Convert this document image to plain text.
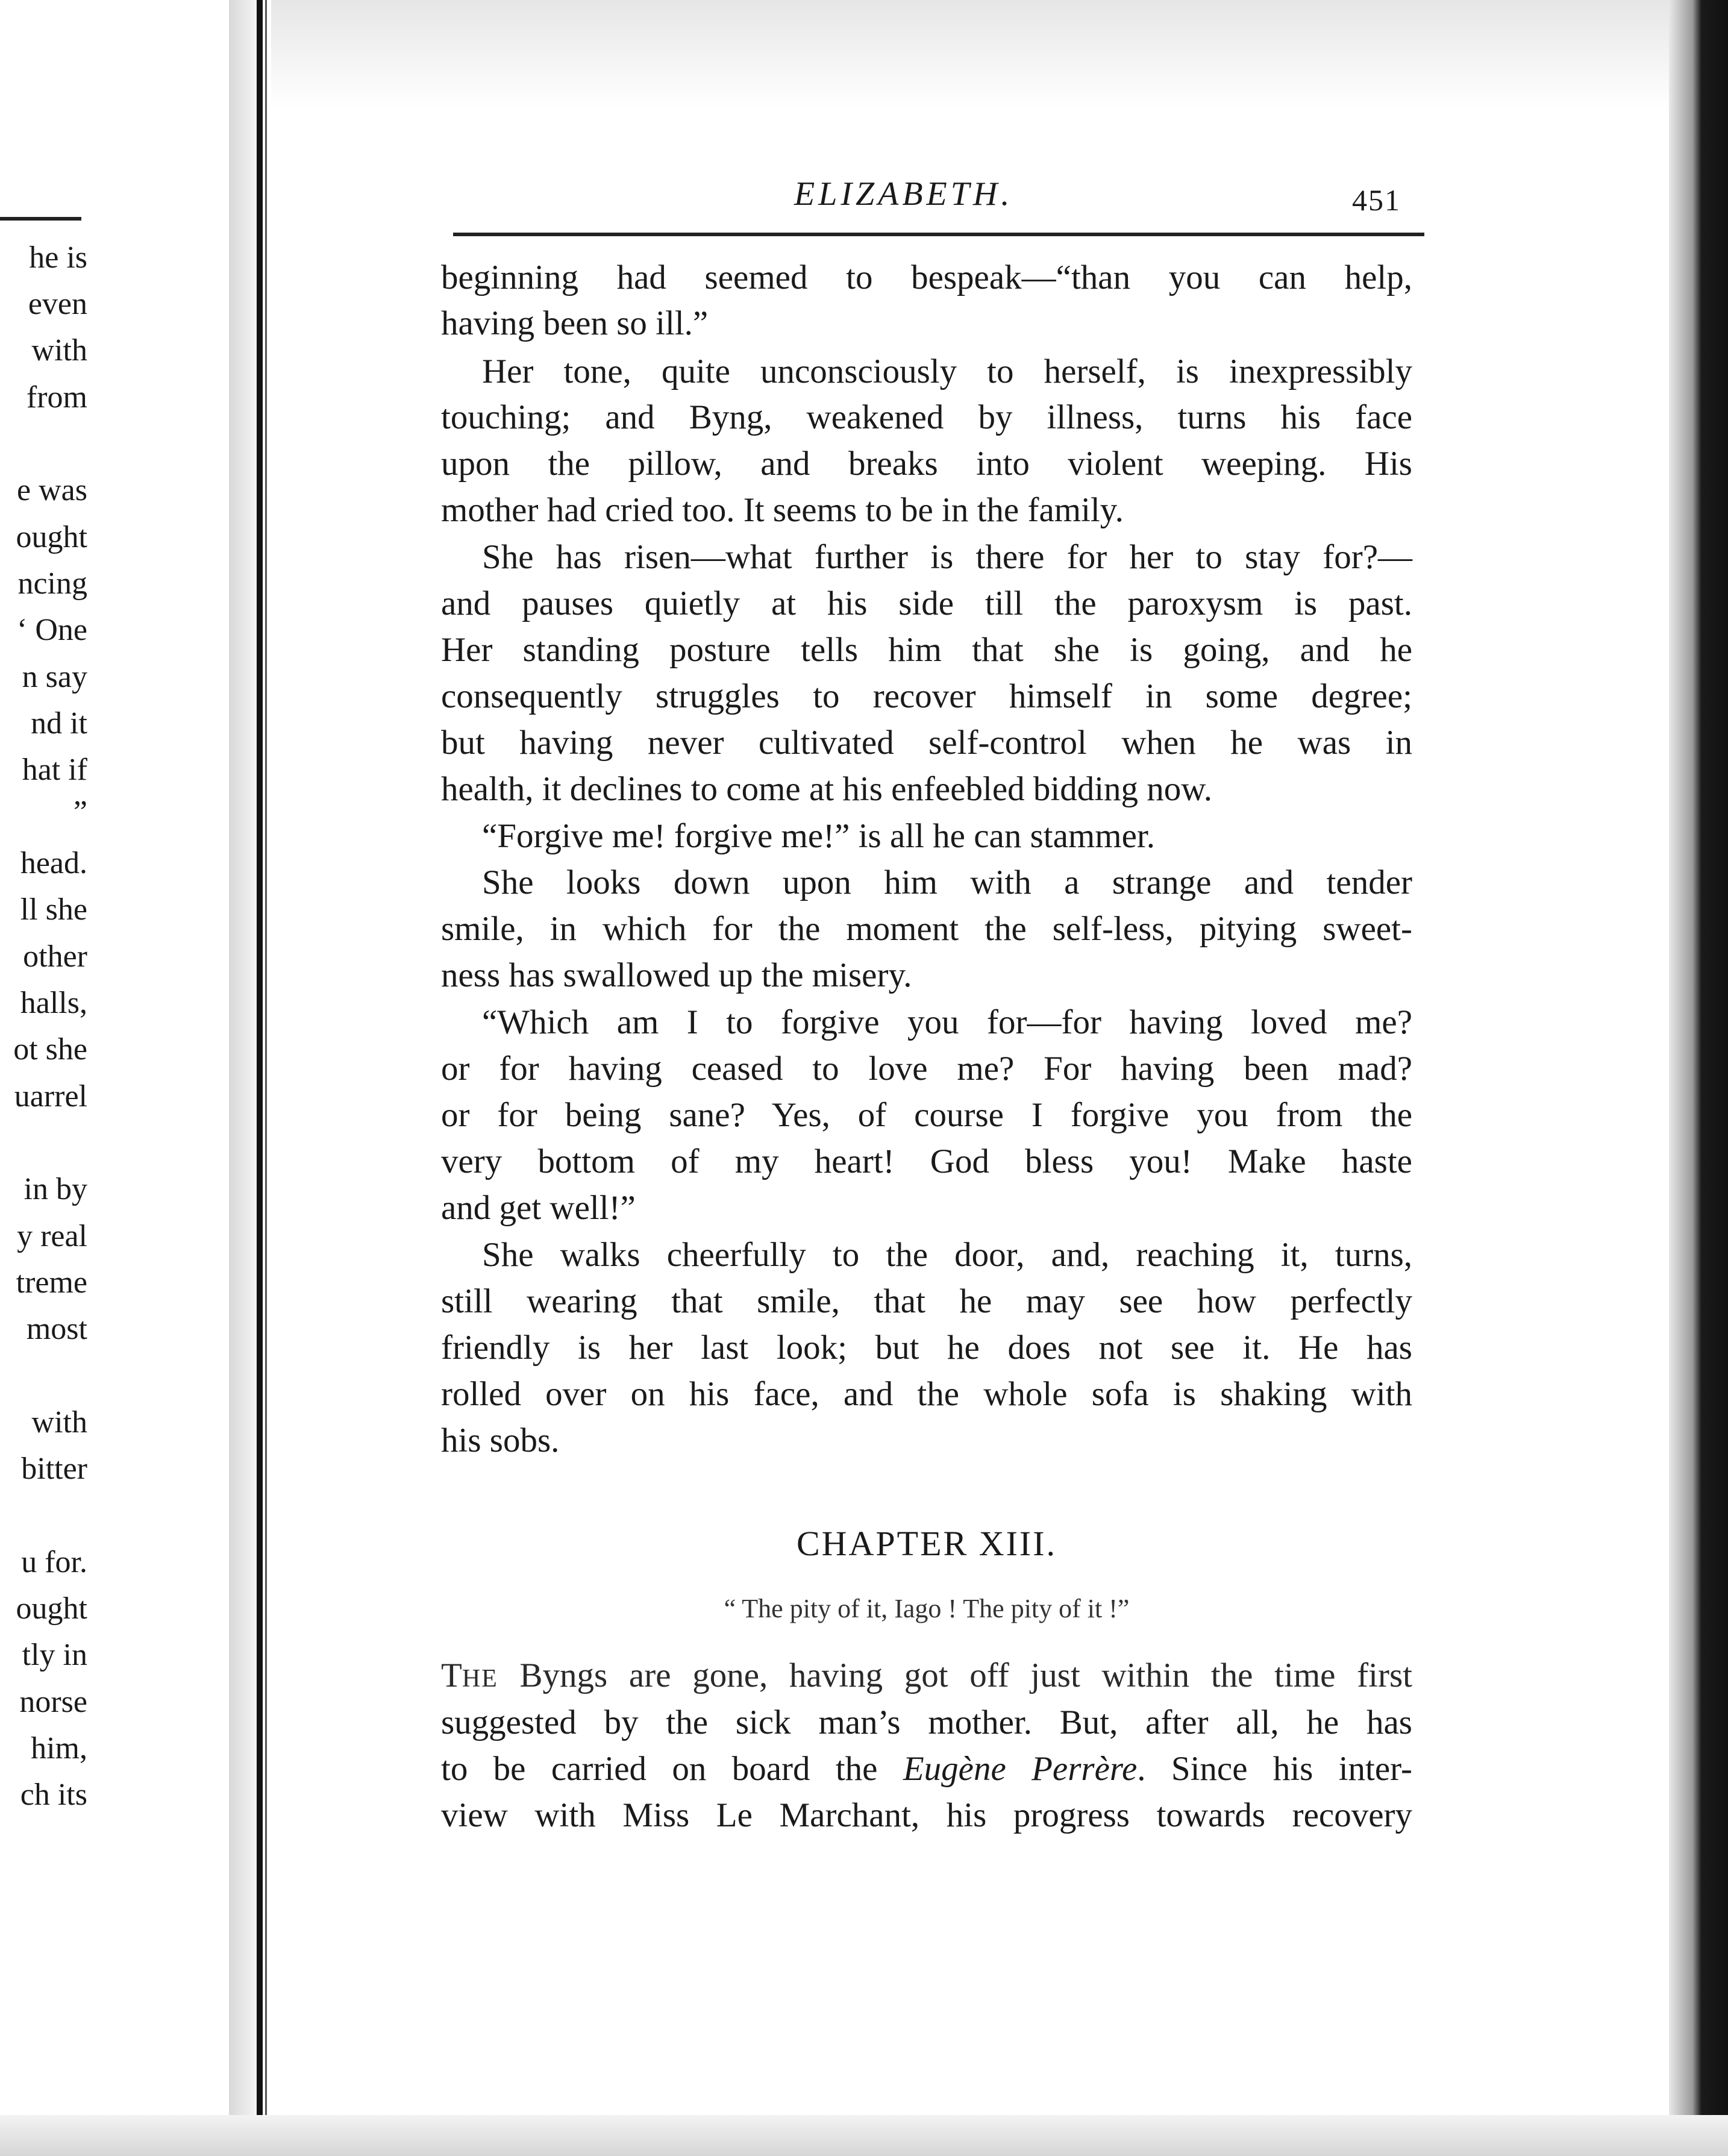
he is
even
with
from
e was
ought
ncing
‘ One
n say
nd it
hat if
”
head.
ll she
other
halls,
ot she
uarrel
in by
y real
treme
most
with
bitter
u for.
ought
tly in
norse
him,
ch its
ELIZABETH.	451
beginning had seemed to bespeak—“than you can help,
having been so ill.”
Her tone, quite unconsciously to herself, is inexpressibly
touching; and Byng, weakened by illness, turns his face
upon the pillow, and breaks into violent weeping. His
mother had cried too. It seems to be in the family.
She has risen—what further is there for her to stay for?—
and pauses quietly at his side till the paroxysm is past.
Her standing posture tells him that she is going, and he
consequently struggles to recover himself in some degree;
but having never cultivated self-control when he was in
health, it declines to come at his enfeebled bidding now.
“Forgive me! forgive me!” is all he can stammer.
She looks down upon him with a strange and tender
smile, in which for the moment the self-less, pitying sweet-
ness has swallowed up the misery.
“Which am I to forgive you for—for having loved me?
or for having ceased to love me? For having been mad?
or for being sane? Yes, of course I forgive you from the
very bottom of my heart! God bless you! Make haste
and get well!”
She walks cheerfully to the door, and, reaching it, turns,
still wearing that smile, that he may see how perfectly
friendly is her last look; but he does not see it. He has
rolled over on his face, and the whole sofa is shaking with
his sobs.
CHAPTER XIII.
“ The pity of it, Iago ! The pity of it !”
THE Byngs are gone, having got off just within the time first
suggested by the sick man’s mother. But, after all, he has
to be carried on board the Eugène Perrère. Since his inter-
view with Miss Le Marchant, his progress towards recovery
